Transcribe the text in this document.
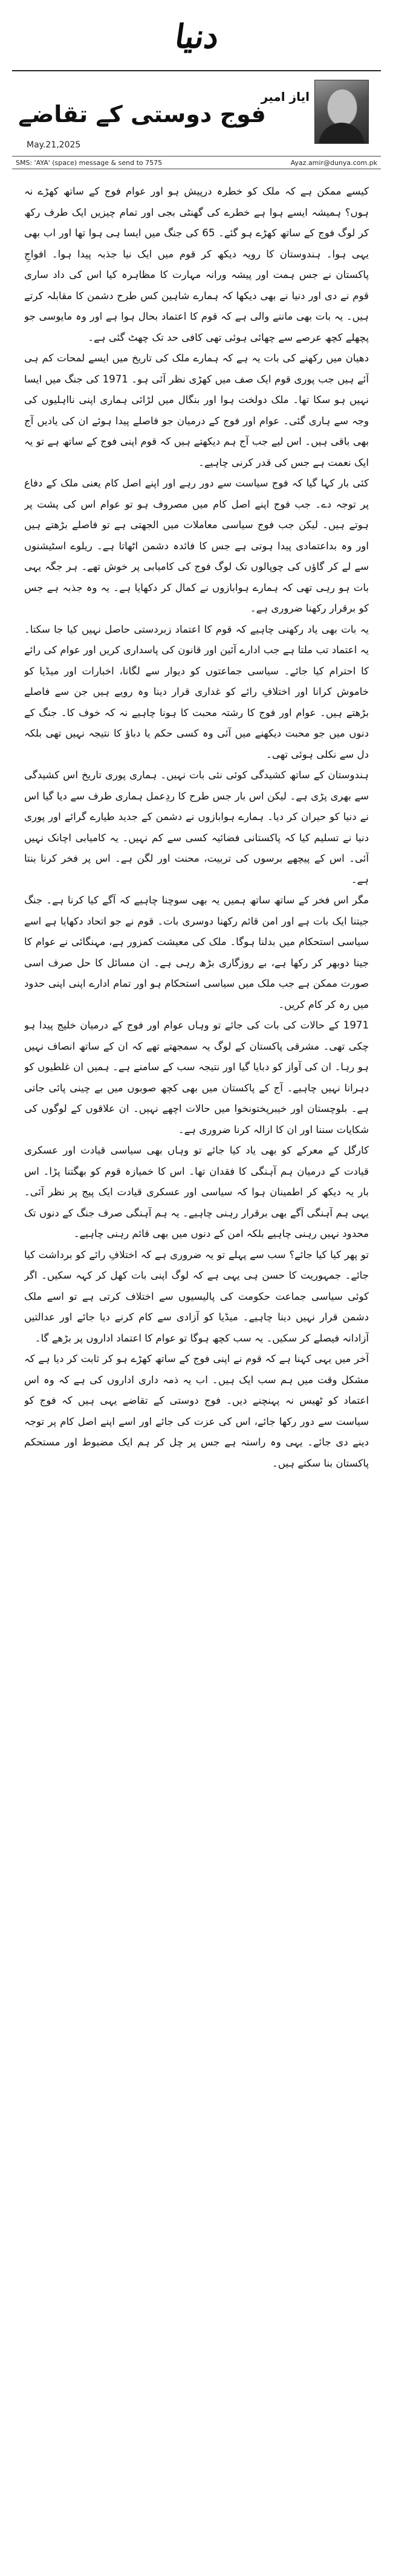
دنیا
فوج دوستی کے تقاضے
ایاز امیر
May.21,2025
SMS: 'AYA' (space) message & send to 7575	Ayaz.amir@dunya.com.pk

کیسے ممکن ہے کہ ملک کو خطرہ درپیش ہو اور عوام فوج کے ساتھ کھڑے نہ ہوں؟ ہمیشہ ایسے ہوا ہے خطرے کی گھنٹی بجی اور تمام چیزیں ایک طرف رکھ کر لوگ فوج کے ساتھ کھڑے ہو گئے۔ 65 کی جنگ میں ایسا ہی ہوا تھا اور اب بھی یہی ہوا۔ ہندوستان کا رویہ دیکھ کر قوم میں ایک نیا جذبہ پیدا ہوا۔ افواجِ پاکستان نے جس ہمت اور پیشہ ورانہ مہارت کا مظاہرہ کیا اس کی داد ساری قوم نے دی اور دنیا نے بھی دیکھا کہ ہمارے شاہین کس طرح دشمن کا مقابلہ کرتے ہیں۔ یہ بات بھی ماننے والی ہے کہ قوم کا اعتماد بحال ہوا ہے اور وہ مایوسی جو پچھلے کچھ عرصے سے چھائی ہوئی تھی کافی حد تک چھٹ گئی ہے۔

دھیان میں رکھنے کی بات یہ ہے کہ ہمارے ملک کی تاریخ میں ایسے لمحات کم ہی آئے ہیں جب پوری قوم ایک صف میں کھڑی نظر آئی ہو۔ 1971 کی جنگ میں ایسا نہیں ہو سکا تھا۔ ملک دولخت ہوا اور بنگال میں لڑائی ہماری اپنی نااہلیوں کی وجہ سے ہاری گئی۔ عوام اور فوج کے درمیان جو فاصلے پیدا ہوئے ان کی یادیں آج بھی باقی ہیں۔ اس لیے جب آج ہم دیکھتے ہیں کہ قوم اپنی فوج کے ساتھ ہے تو یہ ایک نعمت ہے جس کی قدر کرنی چاہیے۔

کئی بار کہا گیا کہ فوج سیاست سے دور رہے اور اپنے اصل کام یعنی ملک کے دفاع پر توجہ دے۔ جب فوج اپنے اصل کام میں مصروف ہو تو عوام اس کی پشت پر ہوتے ہیں۔ لیکن جب فوج سیاسی معاملات میں الجھتی ہے تو فاصلے بڑھتے ہیں اور وہ بداعتمادی پیدا ہوتی ہے جس کا فائدہ دشمن اٹھاتا ہے۔ ریلوے اسٹیشنوں سے لے کر گاؤں کی چوپالوں تک لوگ فوج کی کامیابی پر خوش تھے۔ ہر جگہ یہی بات ہو رہی تھی کہ ہمارے ہوابازوں نے کمال کر دکھایا ہے۔ یہ وہ جذبہ ہے جس کو برقرار رکھنا ضروری ہے۔

یہ بات بھی یاد رکھنی چاہیے کہ قوم کا اعتماد زبردستی حاصل نہیں کیا جا سکتا۔ یہ اعتماد تب ملتا ہے جب ادارے آئین اور قانون کی پاسداری کریں اور عوام کی رائے کا احترام کیا جائے۔ سیاسی جماعتوں کو دیوار سے لگانا، اخبارات اور میڈیا کو خاموش کرانا اور اختلافِ رائے کو غداری قرار دینا وہ رویے ہیں جن سے فاصلے بڑھتے ہیں۔ عوام اور فوج کا رشتہ محبت کا ہونا چاہیے نہ کہ خوف کا۔ جنگ کے دنوں میں جو محبت دیکھنے میں آئی وہ کسی حکم یا دباؤ کا نتیجہ نہیں تھی بلکہ دل سے نکلی ہوئی تھی۔

ہندوستان کے ساتھ کشیدگی کوئی نئی بات نہیں۔ ہماری پوری تاریخ اس کشیدگی سے بھری پڑی ہے۔ لیکن اس بار جس طرح کا ردِعمل ہماری طرف سے دیا گیا اس نے دنیا کو حیران کر دیا۔ ہمارے ہوابازوں نے دشمن کے جدید طیارے گرائے اور پوری دنیا نے تسلیم کیا کہ پاکستانی فضائیہ کسی سے کم نہیں۔ یہ کامیابی اچانک نہیں آئی۔ اس کے پیچھے برسوں کی تربیت، محنت اور لگن ہے۔ اس پر فخر کرنا بنتا ہے۔

مگر اس فخر کے ساتھ ساتھ ہمیں یہ بھی سوچنا چاہیے کہ آگے کیا کرنا ہے۔ جنگ جیتنا ایک بات ہے اور امن قائم رکھنا دوسری بات۔ قوم نے جو اتحاد دکھایا ہے اسے سیاسی استحکام میں بدلنا ہوگا۔ ملک کی معیشت کمزور ہے، مہنگائی نے عوام کا جینا دوبھر کر رکھا ہے، بے روزگاری بڑھ رہی ہے۔ ان مسائل کا حل صرف اسی صورت ممکن ہے جب ملک میں سیاسی استحکام ہو اور تمام ادارے اپنی اپنی حدود میں رہ کر کام کریں۔

1971 کے حالات کی بات کی جائے تو وہاں عوام اور فوج کے درمیان خلیج پیدا ہو چکی تھی۔ مشرقی پاکستان کے لوگ یہ سمجھتے تھے کہ ان کے ساتھ انصاف نہیں ہو رہا۔ ان کی آواز کو دبایا گیا اور نتیجہ سب کے سامنے ہے۔ ہمیں ان غلطیوں کو دہرانا نہیں چاہیے۔ آج کے پاکستان میں بھی کچھ صوبوں میں بے چینی پائی جاتی ہے۔ بلوچستان اور خیبرپختونخوا میں حالات اچھے نہیں۔ ان علاقوں کے لوگوں کی شکایات سننا اور ان کا ازالہ کرنا ضروری ہے۔

کارگل کے معرکے کو بھی یاد کیا جائے تو وہاں بھی سیاسی قیادت اور عسکری قیادت کے درمیان ہم آہنگی کا فقدان تھا۔ اس کا خمیازہ قوم کو بھگتنا پڑا۔ اس بار یہ دیکھ کر اطمینان ہوا کہ سیاسی اور عسکری قیادت ایک پیج پر نظر آئی۔ یہی ہم آہنگی آگے بھی برقرار رہنی چاہیے۔ یہ ہم آہنگی صرف جنگ کے دنوں تک محدود نہیں رہنی چاہیے بلکہ امن کے دنوں میں بھی قائم رہنی چاہیے۔

تو پھر کیا کیا جائے؟ سب سے پہلے تو یہ ضروری ہے کہ اختلافِ رائے کو برداشت کیا جائے۔ جمہوریت کا حسن ہی یہی ہے کہ لوگ اپنی بات کھل کر کہہ سکیں۔ اگر کوئی سیاسی جماعت حکومت کی پالیسیوں سے اختلاف کرتی ہے تو اسے ملک دشمن قرار نہیں دینا چاہیے۔ میڈیا کو آزادی سے کام کرنے دیا جائے اور عدالتیں آزادانہ فیصلے کر سکیں۔ یہ سب کچھ ہوگا تو عوام کا اعتماد اداروں پر بڑھے گا۔

آخر میں یہی کہنا ہے کہ قوم نے اپنی فوج کے ساتھ کھڑے ہو کر ثابت کر دیا ہے کہ مشکل وقت میں ہم سب ایک ہیں۔ اب یہ ذمہ داری اداروں کی ہے کہ وہ اس اعتماد کو ٹھیس نہ پہنچنے دیں۔ فوج دوستی کے تقاضے یہی ہیں کہ فوج کو سیاست سے دور رکھا جائے، اس کی عزت کی جائے اور اسے اپنے اصل کام پر توجہ دینے دی جائے۔ یہی وہ راستہ ہے جس پر چل کر ہم ایک مضبوط اور مستحکم پاکستان بنا سکتے ہیں۔
